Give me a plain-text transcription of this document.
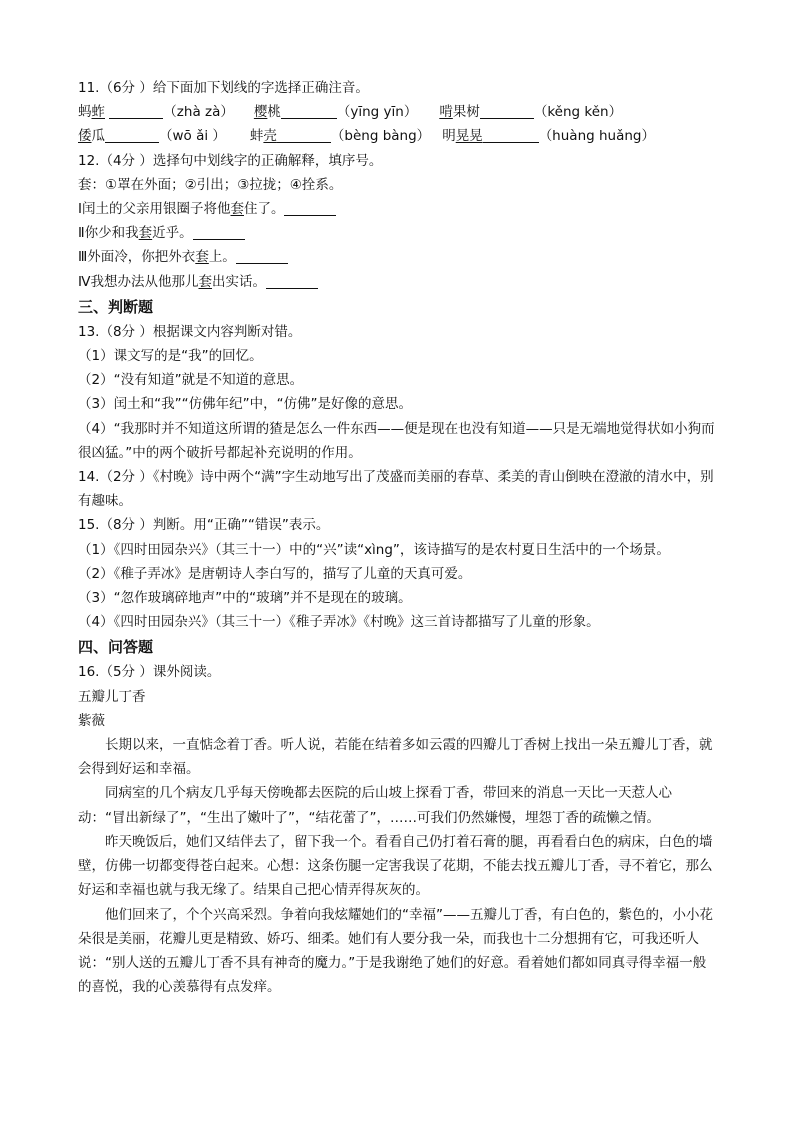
11.（6分 ）给下面加下划线的字选择正确注音。

蚂蚱	（zhà zà） 樱桃	（yīng yīn） 啃果树	（kěng kěn）

倭瓜	（wō ǎi ） 蚌壳	（bèng bàng） 明晃晃	（huàng huǎng）

12.（4分 ）选择句中划线字的正确解释，填序号。

套：①罩在外面；②引出；③拉拢；④拴系。

Ⅰ闰土的父亲用银圈子将他套住了。

Ⅱ你少和我套近乎。

Ⅲ外面冷，你把外衣套上。

Ⅳ我想办法从他那儿套出实话。

三、判断题

13.（8分 ）根据课文内容判断对错。

（1）课文写的是“我”的回忆。

（2）“没有知道”就是不知道的意思。

（3）闰土和“我”“仿佛年纪”中，“仿佛”是好像的意思。

（4）“我那时并不知道这所谓的猹是怎么一件东西——便是现在也没有知道——只是无端地觉得状如小狗而很凶猛。”中的两个破折号都起补充说明的作用。

14.（2分 ）《村晚》诗中两个“满”字生动地写出了茂盛而美丽的春草、柔美的青山倒映在澄澈的清水中，别有趣味。

15.（8分 ）判断。用“正确”“错误”表示。

（1）《四时田园杂兴》（其三十一）中的“兴”读“xìng”，该诗描写的是农村夏日生活中的一个场景。

（2）《稚子弄冰》是唐朝诗人李白写的，描写了儿童的天真可爱。

（3）“忽作玻璃碎地声”中的“玻璃”并不是现在的玻璃。

（4）《四时田园杂兴》（其三十一）《稚子弄冰》《村晚》这三首诗都描写了儿童的形象。

四、问答题

16.（5分 ）课外阅读。

五瓣儿丁香

紫薇

长期以来，一直惦念着丁香。听人说，若能在结着多如云霞的四瓣儿丁香树上找出一朵五瓣儿丁香，就会得到好运和幸福。

同病室的几个病友几乎每天傍晚都去医院的后山坡上探看丁香，带回来的消息一天比一天惹人心动：“冒出新绿了”，“生出了嫩叶了”，“结花蕾了”，……可我们仍然嫌慢，埋怨丁香的疏懒之情。

昨天晚饭后，她们又结伴去了，留下我一个。看看自己仍打着石膏的腿，再看看白色的病床，白色的墙壁，仿佛一切都变得苍白起来。心想：这条伤腿一定害我误了花期，不能去找五瓣儿丁香，寻不着它，那么好运和幸福也就与我无缘了。结果自己把心情弄得灰灰的。

他们回来了，个个兴高采烈。争着向我炫耀她们的“幸福”——五瓣儿丁香，有白色的，紫色的，小小花朵很是美丽，花瓣儿更是精致、娇巧、细柔。她们有人要分我一朵，而我也十二分想拥有它，可我还听人说：“别人送的五瓣儿丁香不具有神奇的魔力。”于是我谢绝了她们的好意。看着她们都如同真寻得幸福一般的喜悦，我的心羡慕得有点发痒。
